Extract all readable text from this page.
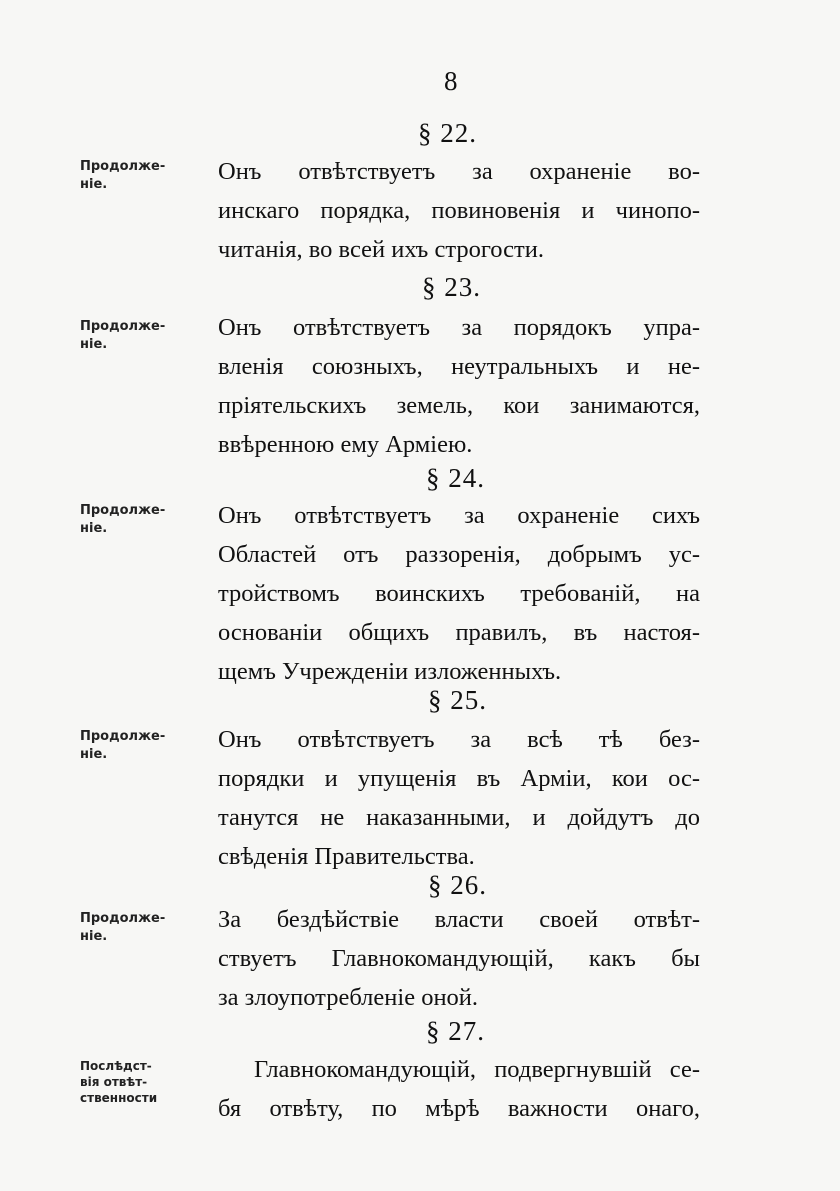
8
§ 22.
Продолже-
ніе.	Онъ отвѣтствуетъ за охраненіе во-
инскаго порядка, повиновенія и чинопо-
читанія, во всей ихъ строгости.
§ 23.
Продолже-
ніе.
Онъ отвѣтствуетъ за порядокъ упра-
вленія союзныхъ, неутральныхъ и не-
пріятельскихъ земель, кои занимаются,
ввѣренною ему Арміею.
§ 24.
Продолже-
ніе.	Онъ отвѣтствуетъ за охраненіе сихъ
Областей отъ раззоренія, добрымъ ус-
тройствомъ воинскихъ требованій, на
основаніи общихъ правилъ, въ настоя-
щемъ Учрежденіи изложенныхъ.
§ 25.
Продолже-
ніе.
Онъ отвѣтствуетъ за всѣ тѣ без-
порядки и упущенія въ Арміи, кои ос-
танутся не наказанными, и дойдутъ до
свѣденія Правительства.
§ 26.
Продолже-
ніе.
За бездѣйствіе власти своей отвѣт-
ствуетъ Главнокомандующій, какъ бы
за злоупотребленіе оной.
§ 27.
Послѣдст-
вія отвѣт-
ственности
Главнокомандующій, подвергнувшій се-
бя отвѣту, по мѣрѣ важности онаго,
